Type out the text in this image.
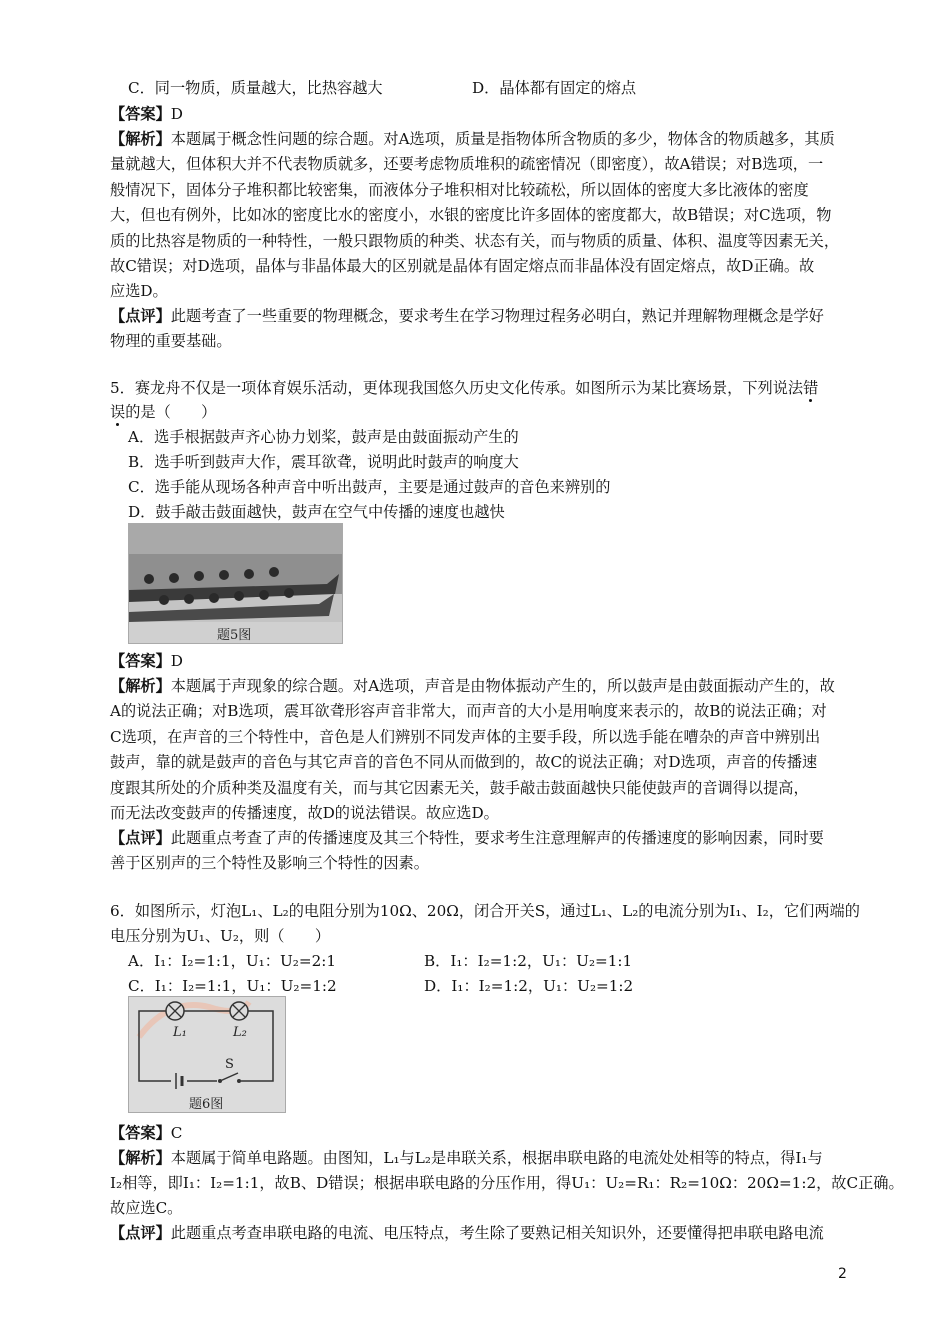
C．同一物质，质量越大，比热容越大	D．晶体都有固定的熔点
【答案】D
【解析】本题属于概念性问题的综合题。对A选项，质量是指物体所含物质的多少，物体含的物质越多，其质
量就越大，但体积大并不代表物质就多，还要考虑物质堆积的疏密情况（即密度），故A错误；对B选项，一
般情况下，固体分子堆积都比较密集，而液体分子堆积相对比较疏松，所以固体的密度大多比液体的密度
大，但也有例外，比如冰的密度比水的密度小，水银的密度比许多固体的密度都大，故B错误；对C选项，物
质的比热容是物质的一种特性，一般只跟物质的种类、状态有关，而与物质的质量、体积、温度等因素无关，
故C错误；对D选项，晶体与非晶体最大的区别就是晶体有固定熔点而非晶体没有固定熔点，故D正确。故
应选D。
【点评】此题考查了一些重要的物理概念，要求考生在学习物理过程务必明白，熟记并理解物理概念是学好
物理的重要基础。
5．赛龙舟不仅是一项体育娱乐活动，更体现我国悠久历史文化传承。如图所示为某比赛场景，下列说法错
误的是（　　）
A．选手根据鼓声齐心协力划桨，鼓声是由鼓面振动产生的
B．选手听到鼓声大作，震耳欲聋，说明此时鼓声的响度大
C．选手能从现场各种声音中听出鼓声，主要是通过鼓声的音色来辨别的
D．鼓手敲击鼓面越快，鼓声在空气中传播的速度也越快
题5图
【答案】D
【解析】本题属于声现象的综合题。对A选项，声音是由物体振动产生的，所以鼓声是由鼓面振动产生的，故
A的说法正确；对B选项，震耳欲聋形容声音非常大，而声音的大小是用响度来表示的，故B的说法正确；对
C选项，在声音的三个特性中，音色是人们辨别不同发声体的主要手段，所以选手能在嘈杂的声音中辨别出
鼓声，靠的就是鼓声的音色与其它声音的音色不同从而做到的，故C的说法正确；对D选项，声音的传播速
度跟其所处的介质种类及温度有关，而与其它因素无关，鼓手敲击鼓面越快只能使鼓声的音调得以提高，
而无法改变鼓声的传播速度，故D的说法错误。故应选D。
【点评】此题重点考查了声的传播速度及其三个特性，要求考生注意理解声的传播速度的影响因素，同时要
善于区别声的三个特性及影响三个特性的因素。
6．如图所示，灯泡L₁、L₂的电阻分别为10Ω、20Ω，闭合开关S，通过L₁、L₂的电流分别为I₁、I₂，它们两端的
电压分别为U₁、U₂，则（　　）
A．I₁：I₂=1:1，U₁：U₂=2:1	B．I₁：I₂=1:2，U₁：U₂=1:1
C．I₁：I₂=1:1，U₁：U₂=1:2	D．I₁：I₂=1:2，U₁：U₂=1:2
L₁	L₂
S
题6图
【答案】C
【解析】本题属于简单电路题。由图知，L₁与L₂是串联关系，根据串联电路的电流处处相等的特点，得I₁与
I₂相等，即I₁：I₂=1:1，故B、D错误；根据串联电路的分压作用，得U₁：U₂=R₁：R₂=10Ω：20Ω=1:2，故C正确。
故应选C。
【点评】此题重点考查串联电路的电流、电压特点，考生除了要熟记相关知识外，还要懂得把串联电路电流
2
